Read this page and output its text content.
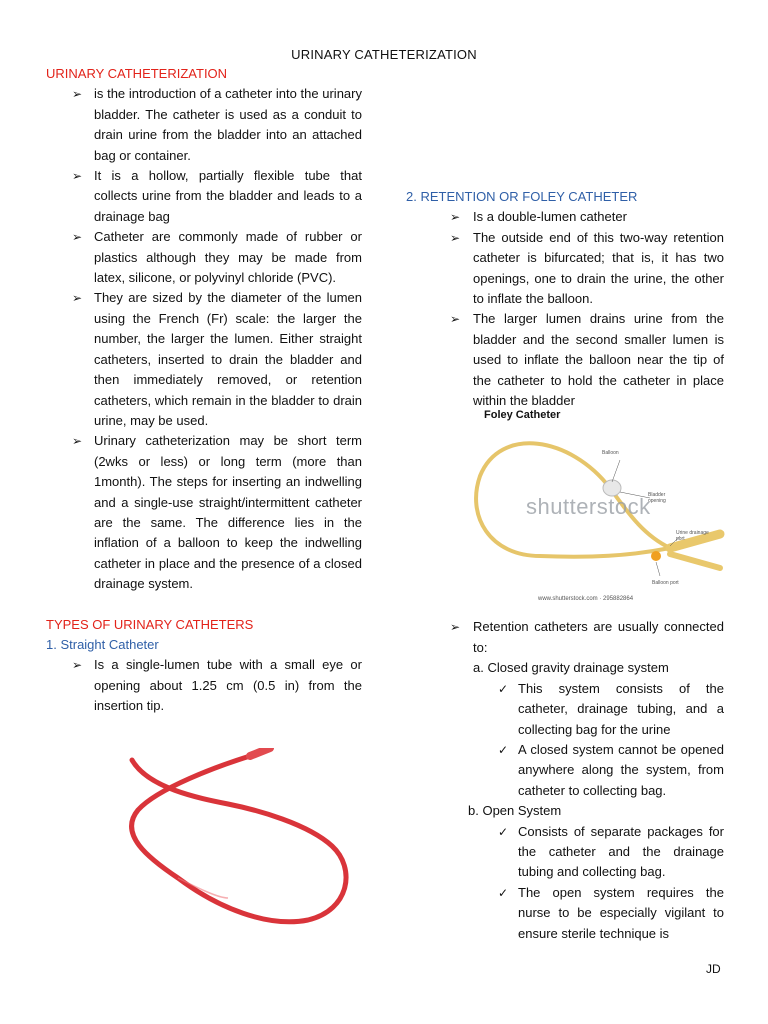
URINARY CATHETERIZATION
URINARY CATHETERIZATION
➢ is the introduction of a catheter into the urinary bladder. The catheter is used as a conduit to drain urine from the bladder into an attached bag or container.
➢ It is a hollow, partially flexible tube that collects urine from the bladder and leads to a drainage bag
➢ Catheter are commonly made of rubber or plastics although they may be made from latex, silicone, or polyvinyl chloride (PVC).
➢ They are sized by the diameter of the lumen using the French (Fr) scale: the larger the number, the larger the lumen. Either straight catheters, inserted to drain the bladder and then immediately removed, or retention catheters, which remain in the bladder to drain urine, may be used.
➢ Urinary catheterization may be short term (2wks or less) or long term (more than 1month). The steps for inserting an indwelling and a single-use straight/intermittent catheter are the same. The difference lies in the inflation of a balloon to keep the indwelling catheter in place and the presence of a closed drainage system.
TYPES OF URINARY CATHETERS
1. Straight Catheter
➢ Is a single-lumen tube with a small eye or opening about 1.25 cm (0.5 in) from the insertion tip.
2. RETENTION OR FOLEY CATHETER
➢ Is a double-lumen catheter
➢ The outside end of this two-way retention catheter is bifurcated; that is, it has two openings, one to drain the urine, the other to inflate the balloon.
➢ The larger lumen drains urine from the bladder and the second smaller lumen is used to inflate the balloon near the tip of the catheter to hold the catheter in place within the bladder
➢ Retention catheters are usually connected to:
a. Closed gravity drainage system
✓ This system consists of the catheter, drainage tubing, and a collecting bag for the urine
✓ A closed system cannot be opened anywhere along the system, from catheter to collecting bag.
b. Open System
✓ Consists of separate packages for the catheter and the drainage tubing and collecting bag.
✓ The open system requires the nurse to be especially vigilant to ensure sterile technique is
Foley Catheter
shutterstock
Balloon
Bladder opening
Urine drainage port
Balloon port
www.shutterstock.com · 295882864
JD
